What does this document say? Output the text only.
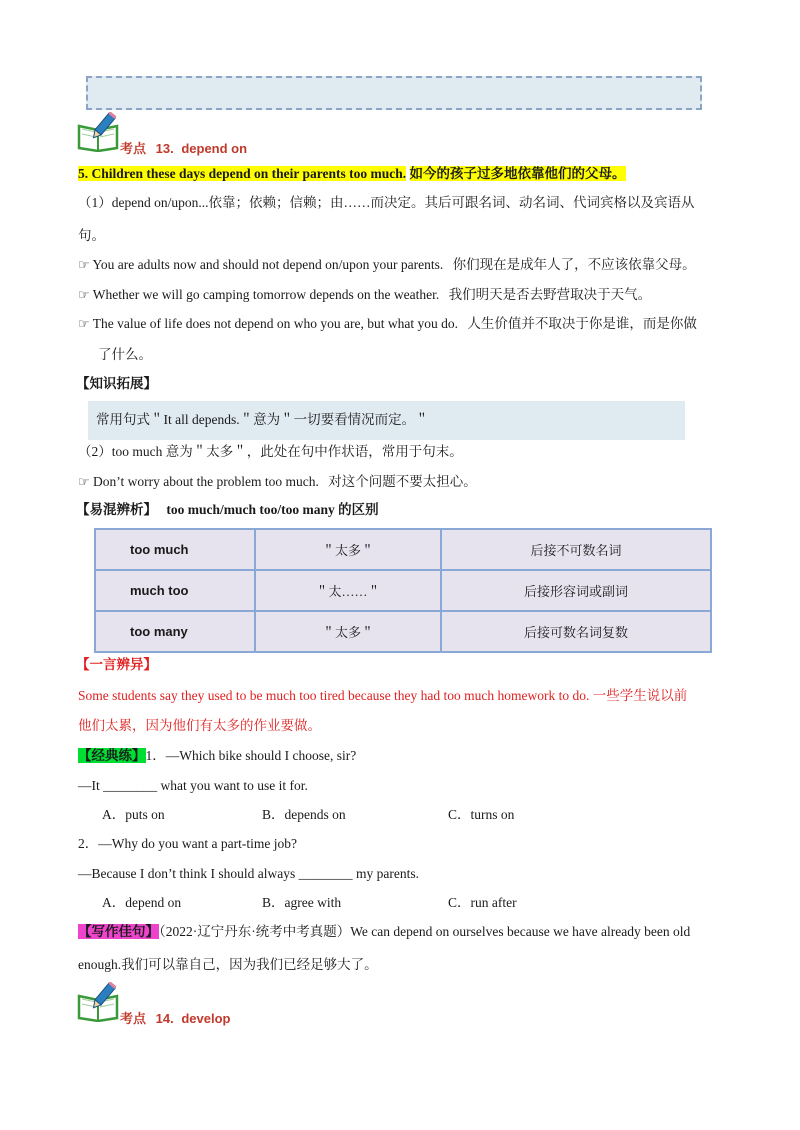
考点 13. depend on
5. Children these days depend on their parents too much. 如今的孩子过多地依靠他们的父母。
（1）depend on/upon...依靠；依赖；信赖；由……而决定。其后可跟名词、动名词、代词宾格以及宾语从
句。
☞ You are adults now and should not depend on/upon your parents. 你们现在是成年人了，不应该依靠父母。
☞ Whether we will go camping tomorrow depends on the weather. 我们明天是否去野营取决于天气。
☞ The value of life does not depend on who you are, but what you do. 人生价值并不取决于你是谁，而是你做
了什么。
【知识拓展】
常用句式＂It all depends.＂意为＂一切要看情况而定。＂
（2）too much 意为＂太多＂，此处在句中作状语，常用于句末。
☞ Don’t worry about the problem too much. 对这个问题不要太担心。
【易混辨析】 too much/much too/too many 的区别
too much	＂太多＂	后接不可数名词
much too	＂太……＂	后接形容词或副词
too many	＂太多＂	后接可数名词复数
【一言辨异】
Some students say they used to be much too tired because they had too much homework to do. 一些学生说以前
他们太累，因为他们有太多的作业要做。
【经典练】1．—Which bike should I choose, sir?
—It ________ what you want to use it for.
A．puts on	B．depends on	C．turns on
2．—Why do you want a part-time job?
—Because I don’t think I should always ________ my parents.
A．depend on	B．agree with	C．run after
【写作佳句】（2022·辽宁丹东·统考中考真题）We can depend on ourselves because we have already been old
enough.我们可以靠自己，因为我们已经足够大了。
考点 14. develop
